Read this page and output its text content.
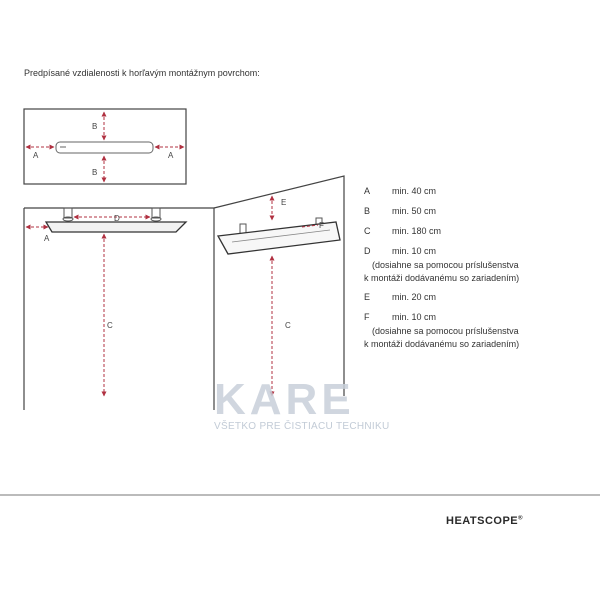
Predpísané vzdialenosti k horľavým montážnym povrchom:
B
B
A	A
D
A
C
E
F
C
KARE
VŠETKO PRE ČISTIACU TECHNIKU
A min. 40 cm
B min. 50 cm
C min. 180 cm
D min. 10 cm
(dosiahne sa pomocou príslušenstva
k montáži dodávanému so zariadením)
E min. 20 cm
F	min. 10 cm
(dosiahne sa pomocou príslušenstva
k montáži dodávanému so zariadením)
HEATSCOPE®
